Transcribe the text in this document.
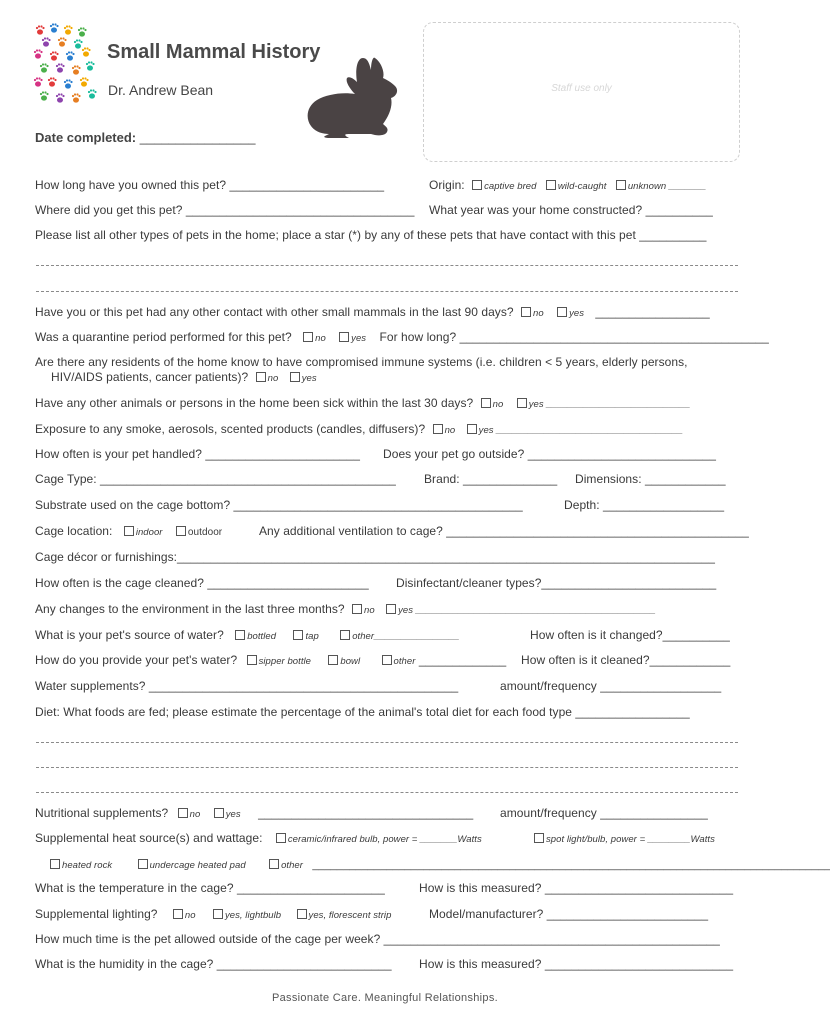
Small Mammal History
Dr. Andrew Bean	Staff use only
Date completed: ________________
How long have you owned this pet? _______________________	Origin: captive bred wild-caught unknown _______
Where did you get this pet? __________________________________ What year was your home constructed? __________
Please list all other types of pets in the home; place a star (*) by any of these pets that have contact with this pet __________
Have you or this pet had any other contact with other small mammals in the last 90 days? no	yes _________________
Was a quarantine period performed for this pet? no	yes For how long? ______________________________________________
Are there any residents of the home know to have compromised immune systems (i.e. children < 5 years, elderly persons,
HIV/AIDS patients, cancer patients)? no yes
Have any other animals or persons in the home been sick within the last 30 days? no	yes ___________________________
Exposure to any smoke, aerosols, scented products (candles, diffusers)? no yes ___________________________________
How often is your pet handled? _______________________ Does your pet go outside? ____________________________
Cage Type: ____________________________________________ Brand: ______________ Dimensions: ____________
Substrate used on the cage bottom? ___________________________________________	Depth: __________________
Cage location: indoor	outdoor	Any additional ventilation to cage? _____________________________________________
Cage décor or furnishings:________________________________________________________________________________
How often is the cage cleaned? ________________________ Disinfectant/cleaner types?__________________________
Any changes to the environment in the last three months? no yes _____________________________________________
What is your pet's source of water? bottled	tap	other________________	How often is it changed?__________
How do you provide your pet's water? sipper bottle	bowl	other _____________ How often is it cleaned?____________
Water supplements? ______________________________________________	amount/frequency __________________
Diet: What foods are fed; please estimate the percentage of the animal's total diet for each food type _________________
Nutritional supplements? no	yes ________________________________ amount/frequency ________________
Supplemental heat source(s) and wattage:	ceramic/infrared bulb, power = _______Watts	spot light/bulb, power = ________Watts
heated rock	undercage heated pad	other ____________________________________________________________________________________
What is the temperature in the cage? ______________________	How is this measured? ____________________________
Supplemental lighting?	no	yes, lightbulb	yes, florescent strip	Model/manufacturer? ________________________
How much time is the pet allowed outside of the cage per week? __________________________________________________
What is the humidity in the cage? __________________________ How is this measured? ____________________________
Passionate Care. Meaningful Relationships.
